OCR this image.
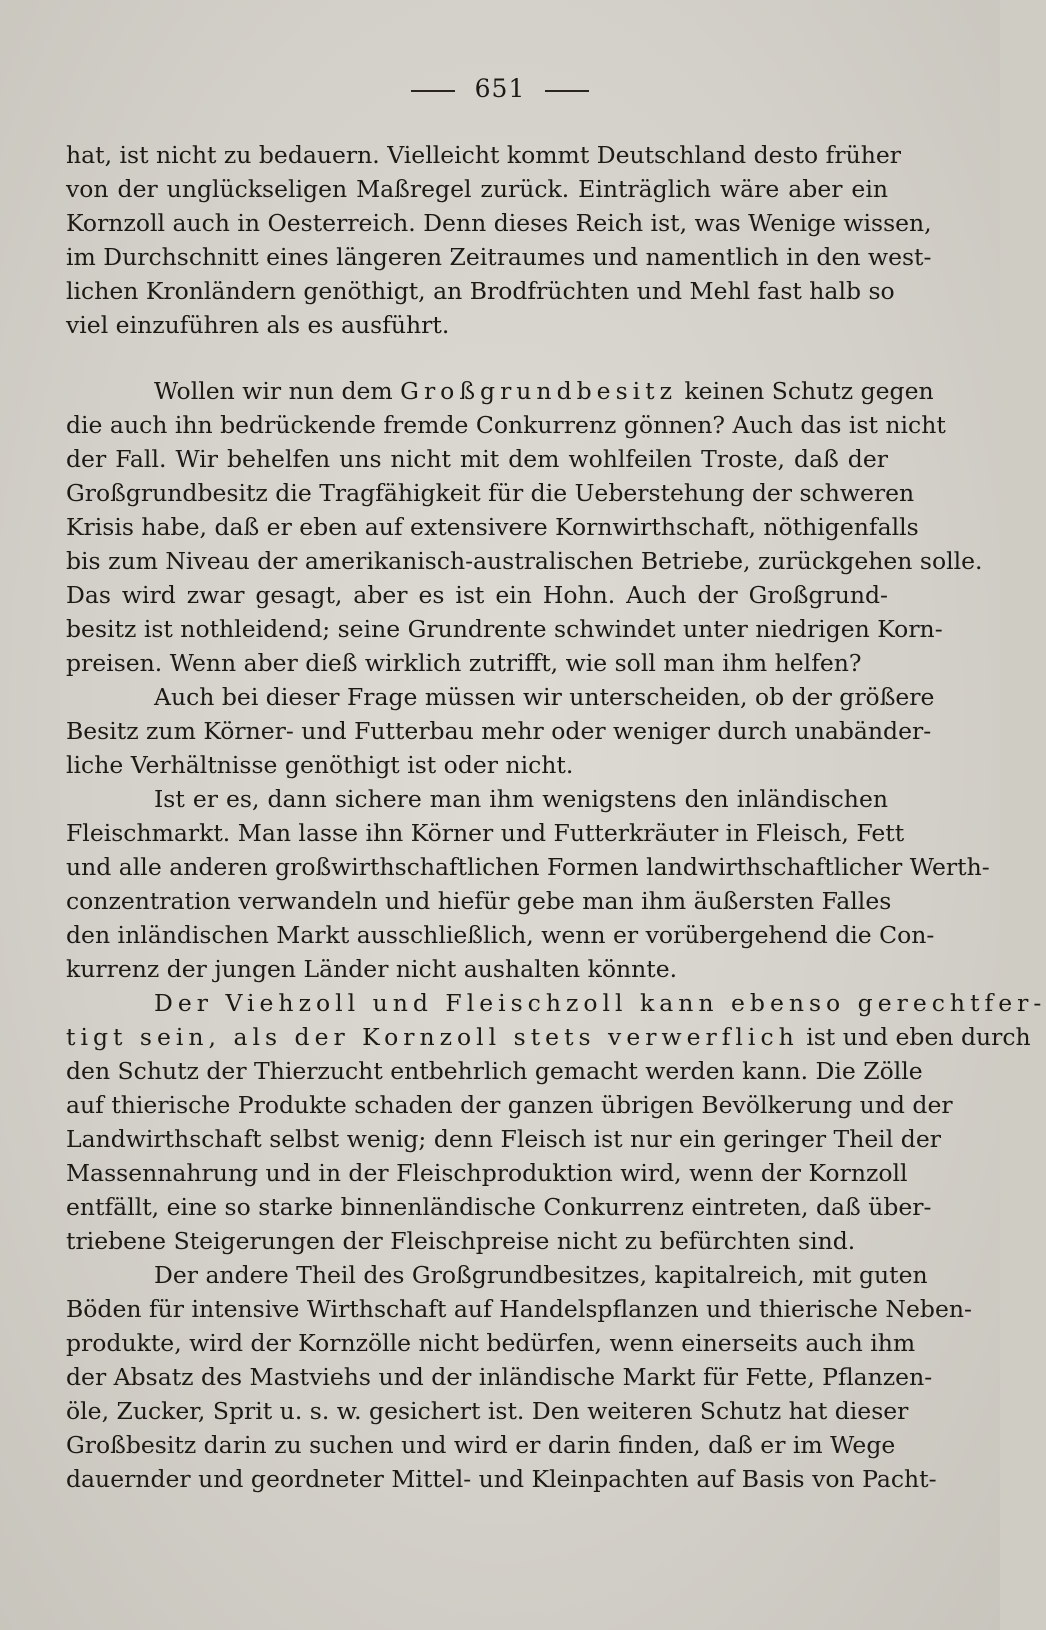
651
hat, ist nicht zu bedauern. Vielleicht kommt Deutschland desto früher
von der unglückseligen Maßregel zurück. Einträglich wäre aber ein
Kornzoll auch in Oesterreich. Denn dieses Reich ist, was Wenige wissen,
im Durchschnitt eines längeren Zeitraumes und namentlich in den west-
lichen Kronländern genöthigt, an Brodfrüchten und Mehl fast halb so
viel einzuführen als es ausführt.
Wollen wir nun dem Großgrundbesitz keinen Schutz gegen
die auch ihn bedrückende fremde Conkurrenz gönnen? Auch das ist nicht
der Fall. Wir behelfen uns nicht mit dem wohlfeilen Troste, daß der
Großgrundbesitz die Tragfähigkeit für die Ueberstehung der schweren
Krisis habe, daß er eben auf extensivere Kornwirthschaft, nöthigenfalls
bis zum Niveau der amerikanisch-australischen Betriebe, zurückgehen solle.
Das wird zwar gesagt, aber es ist ein Hohn. Auch der Großgrund-
besitz ist nothleidend; seine Grundrente schwindet unter niedrigen Korn-
preisen. Wenn aber dieß wirklich zutrifft, wie soll man ihm helfen?
Auch bei dieser Frage müssen wir unterscheiden, ob der größere
Besitz zum Körner- und Futterbau mehr oder weniger durch unabänder-
liche Verhältnisse genöthigt ist oder nicht.
Ist er es, dann sichere man ihm wenigstens den inländischen
Fleischmarkt. Man lasse ihn Körner und Futterkräuter in Fleisch, Fett
und alle anderen großwirthschaftlichen Formen landwirthschaftlicher Werth-
conzentration verwandeln und hiefür gebe man ihm äußersten Falles
den inländischen Markt ausschließlich, wenn er vorübergehend die Con-
kurrenz der jungen Länder nicht aushalten könnte.
Der Viehzoll und Fleischzoll kann ebenso gerechtfer-
tigt sein, als der Kornzoll stets verwerflich ist und eben durch
den Schutz der Thierzucht entbehrlich gemacht werden kann. Die Zölle
auf thierische Produkte schaden der ganzen übrigen Bevölkerung und der
Landwirthschaft selbst wenig; denn Fleisch ist nur ein geringer Theil der
Massennahrung und in der Fleischproduktion wird, wenn der Kornzoll
entfällt, eine so starke binnenländische Conkurrenz eintreten, daß über-
triebene Steigerungen der Fleischpreise nicht zu befürchten sind.
Der andere Theil des Großgrundbesitzes, kapitalreich, mit guten
Böden für intensive Wirthschaft auf Handelspflanzen und thierische Neben-
produkte, wird der Kornzölle nicht bedürfen, wenn einerseits auch ihm
der Absatz des Mastviehs und der inländische Markt für Fette, Pflanzen-
öle, Zucker, Sprit u. s. w. gesichert ist. Den weiteren Schutz hat dieser
Großbesitz darin zu suchen und wird er darin finden, daß er im Wege
dauernder und geordneter Mittel- und Kleinpachten auf Basis von Pacht-
